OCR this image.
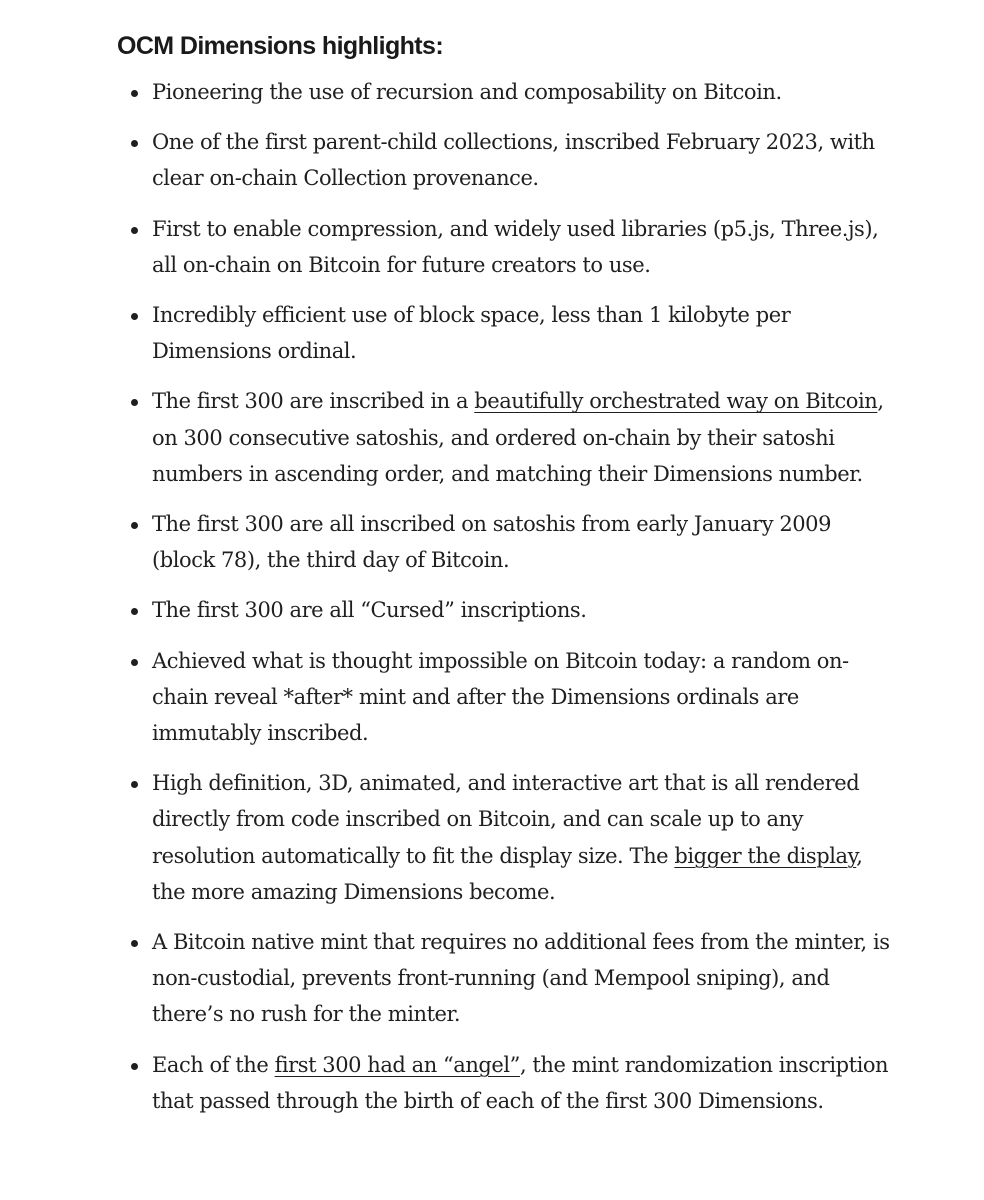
OCM Dimensions highlights:
Pioneering the use of recursion and composability on Bitcoin.
One of the first parent-child collections, inscribed February 2023, with clear on-chain Collection provenance.
First to enable compression, and widely used libraries (p5.js, Three.js), all on-chain on Bitcoin for future creators to use.
Incredibly efficient use of block space, less than 1 kilobyte per Dimensions ordinal.
The first 300 are inscribed in a beautifully orchestrated way on Bitcoin, on 300 consecutive satoshis, and ordered on-chain by their satoshi numbers in ascending order, and matching their Dimensions number.
The first 300 are all inscribed on satoshis from early January 2009 (block 78), the third day of Bitcoin.
The first 300 are all “Cursed” inscriptions.
Achieved what is thought impossible on Bitcoin today: a random on-chain reveal *after* mint and after the Dimensions ordinals are immutably inscribed.
High definition, 3D, animated, and interactive art that is all rendered directly from code inscribed on Bitcoin, and can scale up to any resolution automatically to fit the display size. The bigger the display, the more amazing Dimensions become.
A Bitcoin native mint that requires no additional fees from the minter, is non-custodial, prevents front-running (and Mempool sniping), and there’s no rush for the minter.
Each of the first 300 had an “angel”, the mint randomization inscription that passed through the birth of each of the first 300 Dimensions.
